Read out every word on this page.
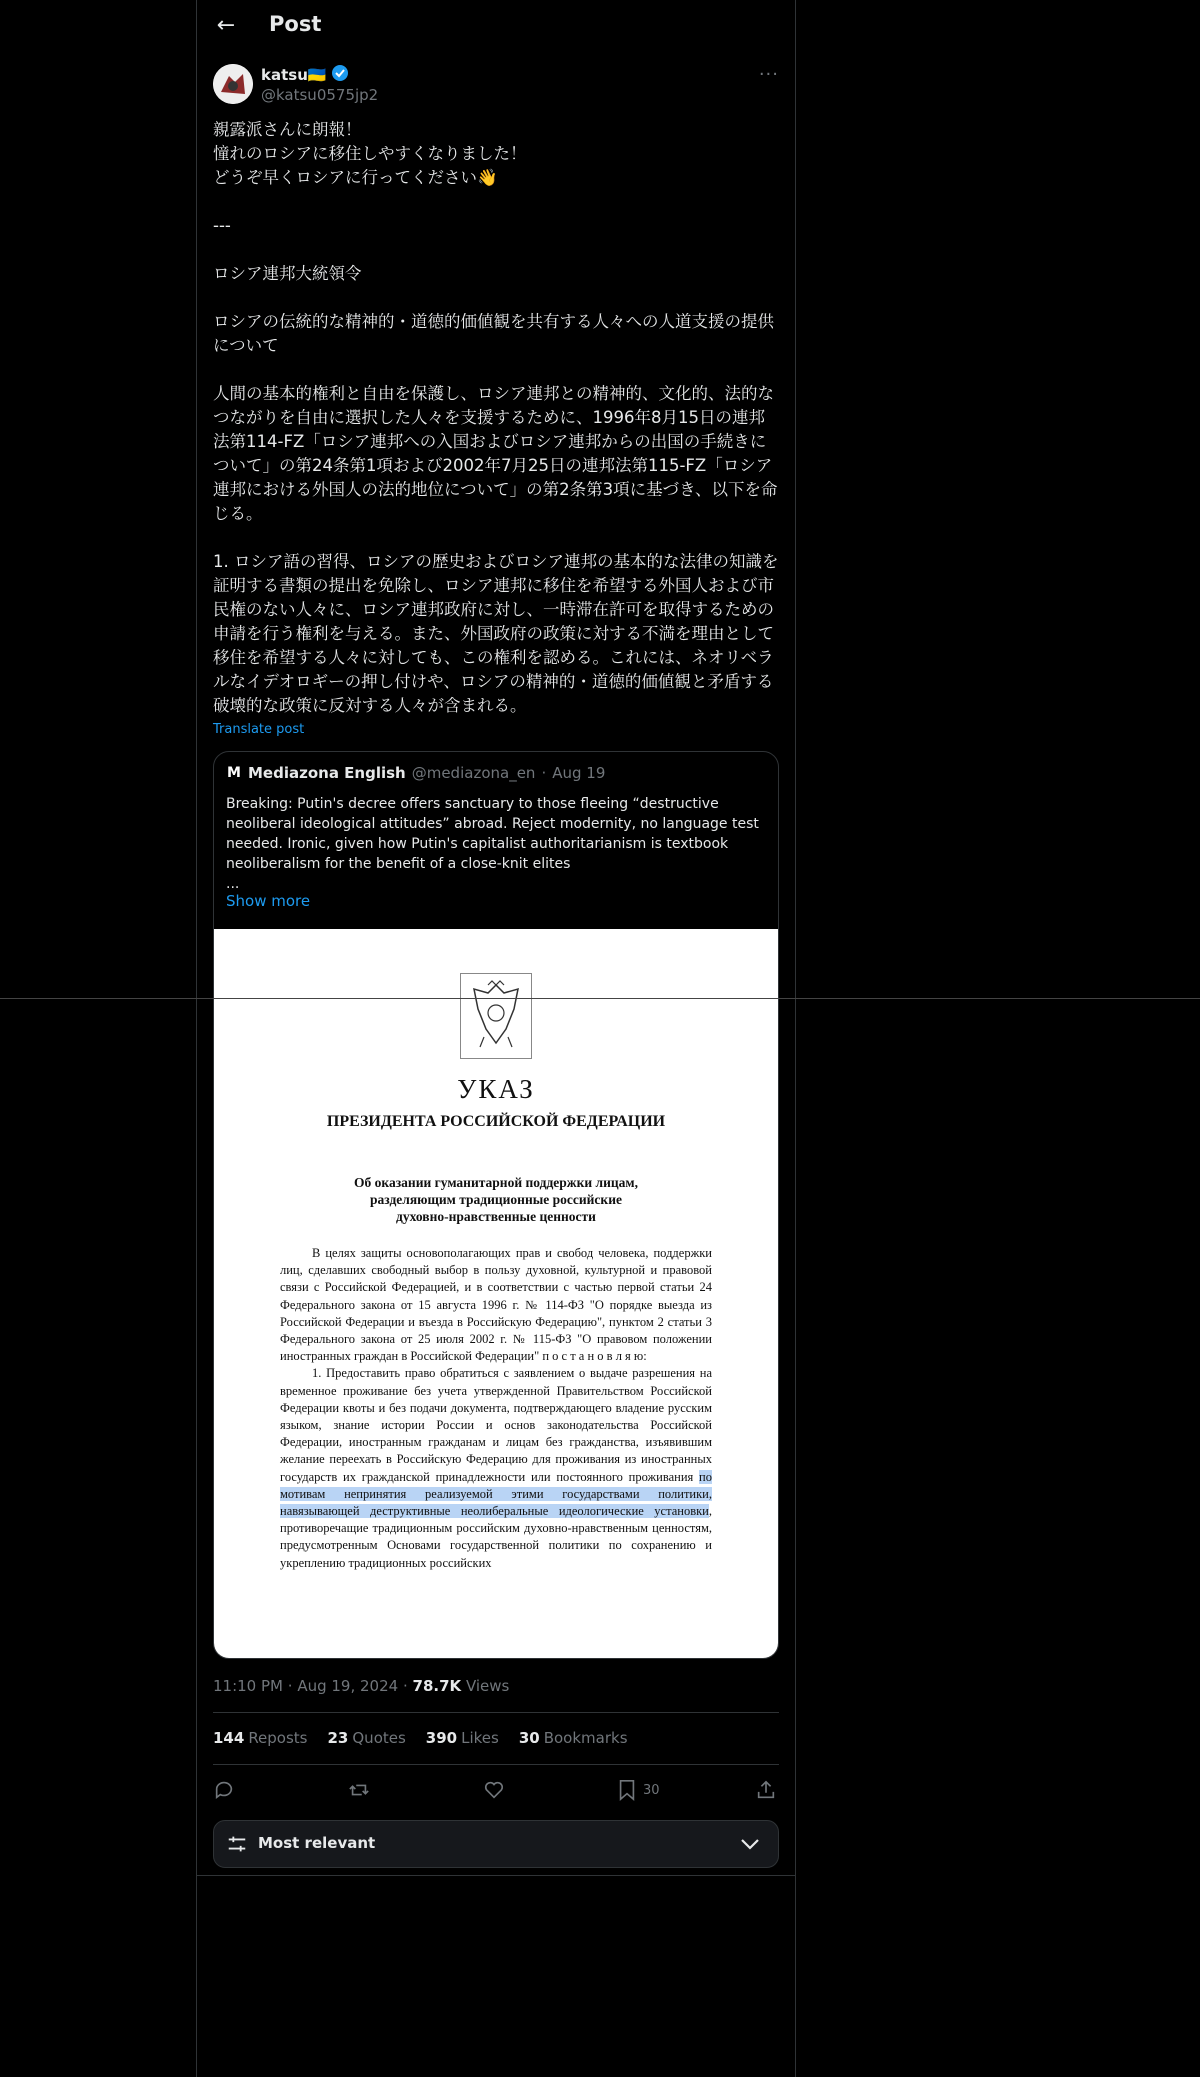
← Post
katsu🇺🇦
@katsu0575jp2
···
親露派さんに朗報！
憧れのロシアに移住しやすくなりました！
どうぞ早くロシアに行ってください👋

---

ロシア連邦大統領令

ロシアの伝統的な精神的・道徳的価値観を共有する人々への人道支援の提供について

人間の基本的権利と自由を保護し、ロシア連邦との精神的、文化的、法的なつながりを自由に選択した人々を支援するために、1996年8月15日の連邦法第114-FZ「ロシア連邦への入国およびロシア連邦からの出国の手続きについて」の第24条第1項および2002年7月25日の連邦法第115-FZ「ロシア連邦における外国人の法的地位について」の第2条第3項に基づき、以下を命じる。

1. ロシア語の習得、ロシアの歴史およびロシア連邦の基本的な法律の知識を証明する書類の提出を免除し、ロシア連邦に移住を希望する外国人および市民権のない人々に、ロシア連邦政府に対し、一時滞在許可を取得するための申請を行う権利を与える。また、外国政府の政策に対する不満を理由として移住を希望する人々に対しても、この権利を認める。これには、ネオリベラルなイデオロギーの押し付けや、ロシアの精神的・道徳的価値観と矛盾する破壊的な政策に反対する人々が含まれる。
Translate post
M Mediazona English @mediazona_en · Aug 19
Breaking: Putin's decree offers sanctuary to those fleeing “destructive neoliberal ideological attitudes” abroad. Reject modernity, no language test needed. Ironic, given how Putin's capitalist authoritarianism is textbook neoliberalism for the benefit of a close-knit elites
...
Show more
УКАЗ
ПРЕЗИДЕНТА РОССИЙСКОЙ ФЕДЕРАЦИИ
Об оказании гуманитарной поддержки лицам,
разделяющим традиционные российские
духовно-нравственные ценности

В целях защиты основополагающих прав и свобод человека, поддержки лиц, сделавших свободный выбор в пользу духовной, культурной и правовой связи с Российской Федерацией, и в соответствии с частью первой статьи 24 Федерального закона от 15 августа 1996 г. № 114-ФЗ "О порядке выезда из Российской Федерации и въезда в Российскую Федерацию", пунктом 2 статьи 3 Федерального закона от 25 июля 2002 г. № 115-ФЗ "О правовом положении иностранных граждан в Российской Федерации" п о с т а н о в л я ю:

1. Предоставить право обратиться с заявлением о выдаче разрешения на временное проживание без учета утвержденной Правительством Российской Федерации квоты и без подачи документа, подтверждающего владение русским языком, знание истории России и основ законодательства Российской Федерации, иностранным гражданам и лицам без гражданства, изъявившим желание переехать в Российскую Федерацию для проживания из иностранных государств их гражданской принадлежности или постоянного проживания по мотивам непринятия реализуемой этими государствами политики, навязывающей деструктивные неолиберальные идеологические установки, противоречащие традиционным российским духовно-нравственным ценностям, предусмотренным Основами государственной политики по сохранению и укреплению традиционных российских

11:10 PM · Aug 19, 2024 · 78.7K Views
144 Reposts 23 Quotes 390 Likes 30 Bookmarks
30
Most relevant
